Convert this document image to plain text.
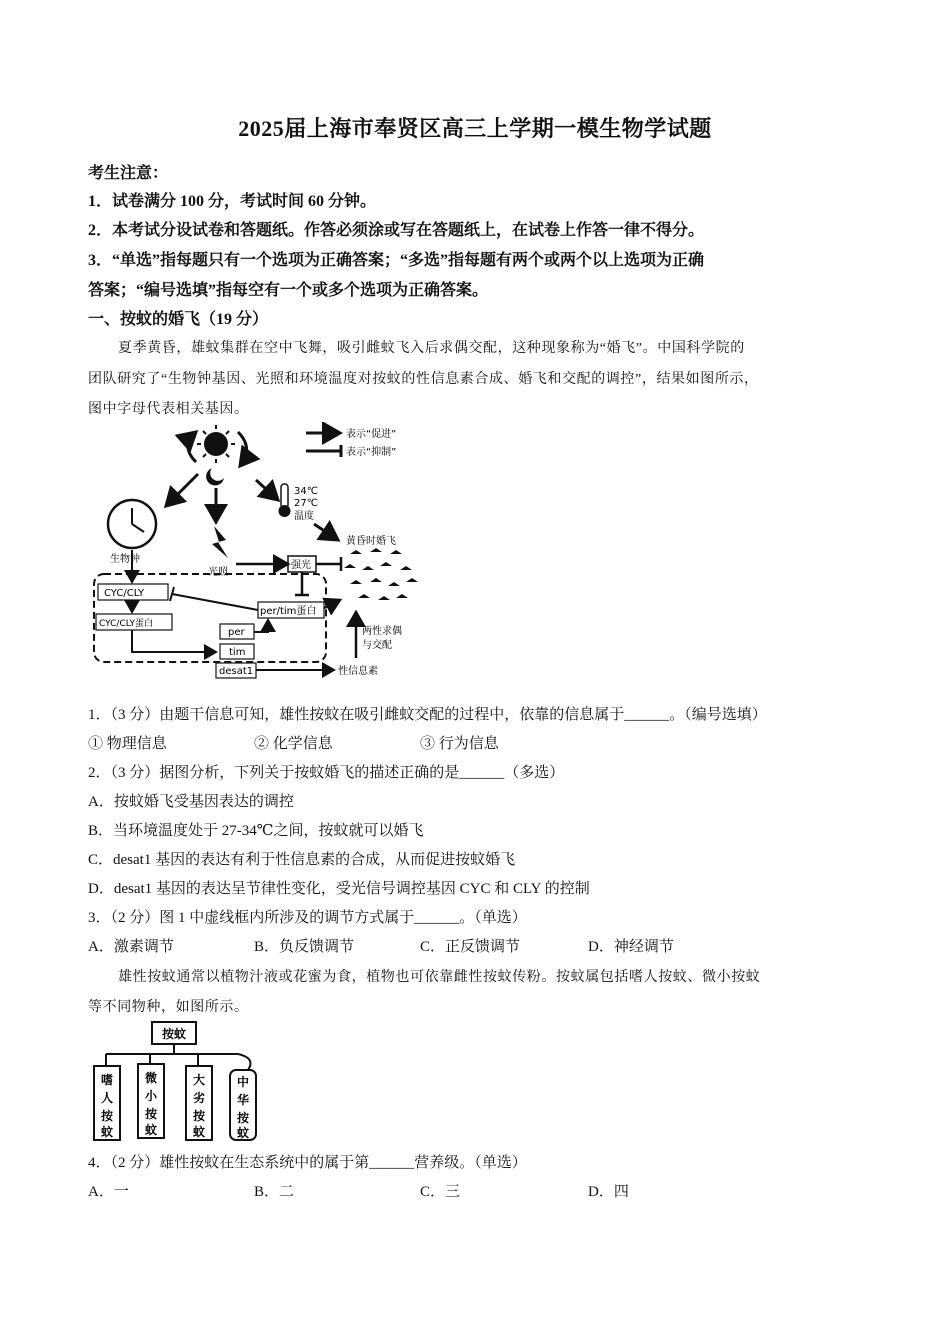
2025届上海市奉贤区高三上学期一模生物学试题
考生注意：
1．试卷满分 100 分，考试时间 60 分钟。
2．本考试分设试卷和答题纸。作答必须涂或写在答题纸上，在试卷上作答一律不得分。
3．“单选”指每题只有一个选项为正确答案；“多选”指每题有两个或两个以上选项为正确
答案；“编号选填”指每空有一个或多个选项为正确答案。
一、按蚊的婚飞（19 分）
夏季黄昏，雄蚊集群在空中飞舞，吸引雌蚊飞入后求偶交配，这种现象称为“婚飞”。中国科学院的
团队研究了“生物钟基因、光照和环境温度对按蚊的性信息素合成、婚飞和交配的调控”，结果如图所示，
图中字母代表相关基因。
表示“促进”
表示“抑制”
生物钟
光照
34℃
27℃
温度
黄昏时婚飞
强光
CYC/CLY
CYC/CLY蛋白
per/tim蛋白
per
tim
desat1	性信息素
两性求偶
与交配
1．（3 分）由题干信息可知，雄性按蚊在吸引雌蚊交配的过程中，依靠的信息属于______。（编号选填）
① 物理信息	② 化学信息	③ 行为信息
2．（3 分）据图分析，下列关于按蚊婚飞的描述正确的是______（多选）
A．按蚊婚飞受基因表达的调控
B．当环境温度处于 27-34℃之间，按蚊就可以婚飞
C．desat1 基因的表达有利于性信息素的合成，从而促进按蚊婚飞
D．desat1 基因的表达呈节律性变化，受光信号调控基因 CYC 和 CLY 的控制
3．（2 分）图 1 中虚线框内所涉及的调节方式属于______。（单选）
A．激素调节	B．负反馈调节	C．正反馈调节	D．神经调节
雄性按蚊通常以植物汁液或花蜜为食，植物也可依靠雌性按蚊传粉。按蚊属包括嗜人按蚊、微小按蚊
等不同物种，如图所示。
按蚊
嗜
人
按
蚊
微
小
按
蚊
大
劣
按
蚊
中
华
按
蚊
4．（2 分）雄性按蚊在生态系统中的属于第______营养级。（单选）
A．一	B．二	C．三	D．四
